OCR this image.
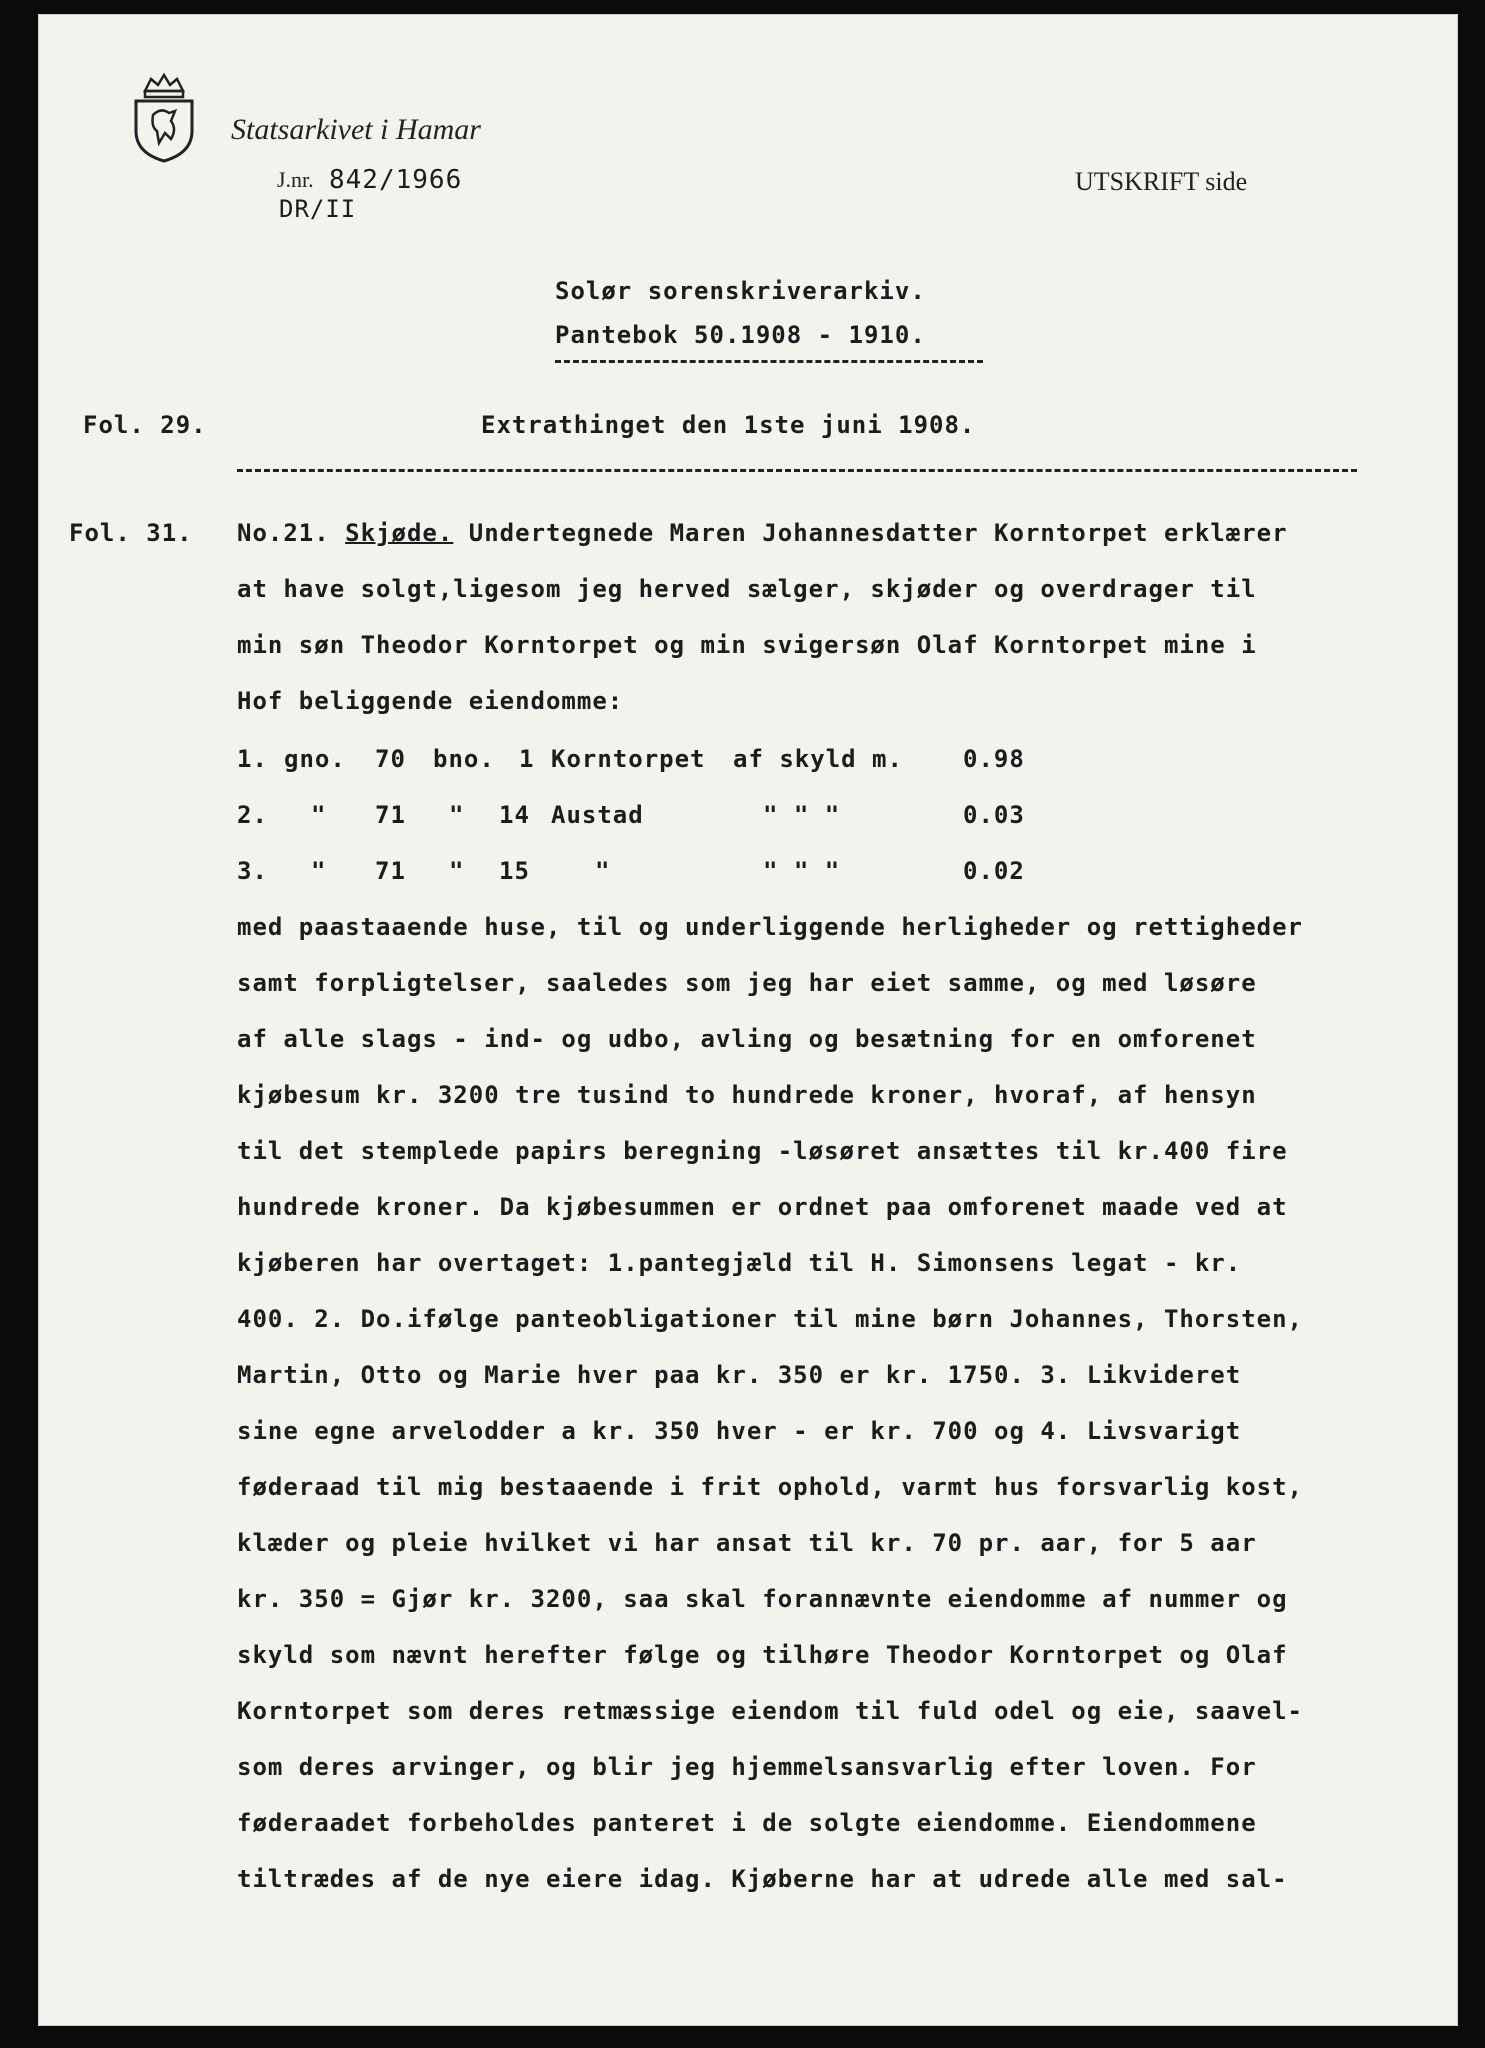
Statsarkivet i Hamar
J.nr. 842/1966
DR/II
UTSKRIFT side
Solør sorenskriverarkiv.
Pantebok 50.1908 - 1910.
Fol. 29.	Extrathinget den 1ste juni 1908.
Fol. 31. No.21. Skjøde. Undertegnede Maren Johannesdatter Korntorpet erklærer
at have solgt,ligesom jeg herved sælger, skjøder og overdrager til
min søn Theodor Korntorpet og min svigersøn Olaf Korntorpet mine i
Hof beliggende eiendomme:
1. gno. 70 bno. 1 Korntorpet af skyld m.	0.98
2. " 71 " 14 Austad	" " "	0.03
3. " 71 " 15	"	" " "	0.02
med paastaaende huse, til og underliggende herligheder og rettigheder
samt forpligtelser, saaledes som jeg har eiet samme, og med løsøre
af alle slags - ind- og udbo, avling og besætning for en omforenet
kjøbesum kr. 3200 tre tusind to hundrede kroner, hvoraf, af hensyn
til det stemplede papirs beregning -løsøret ansættes til kr.400 fire
hundrede kroner. Da kjøbesummen er ordnet paa omforenet maade ved at
kjøberen har overtaget: 1.pantegjæld til H. Simonsens legat - kr.
400. 2. Do.ifølge panteobligationer til mine børn Johannes, Thorsten,
Martin, Otto og Marie hver paa kr. 350 er kr. 1750. 3. Likvideret
sine egne arvelodder a kr. 350 hver - er kr. 700 og 4. Livsvarigt
føderaad til mig bestaaende i frit ophold, varmt hus forsvarlig kost,
klæder og pleie hvilket vi har ansat til kr. 70 pr. aar, for 5 aar
kr. 350 = Gjør kr. 3200, saa skal forannævnte eiendomme af nummer og
skyld som nævnt herefter følge og tilhøre Theodor Korntorpet og Olaf
Korntorpet som deres retmæssige eiendom til fuld odel og eie, saavel-
som deres arvinger, og blir jeg hjemmelsansvarlig efter loven. For
føderaadet forbeholdes panteret i de solgte eiendomme. Eiendommene
tiltrædes af de nye eiere idag. Kjøberne har at udrede alle med sal-
